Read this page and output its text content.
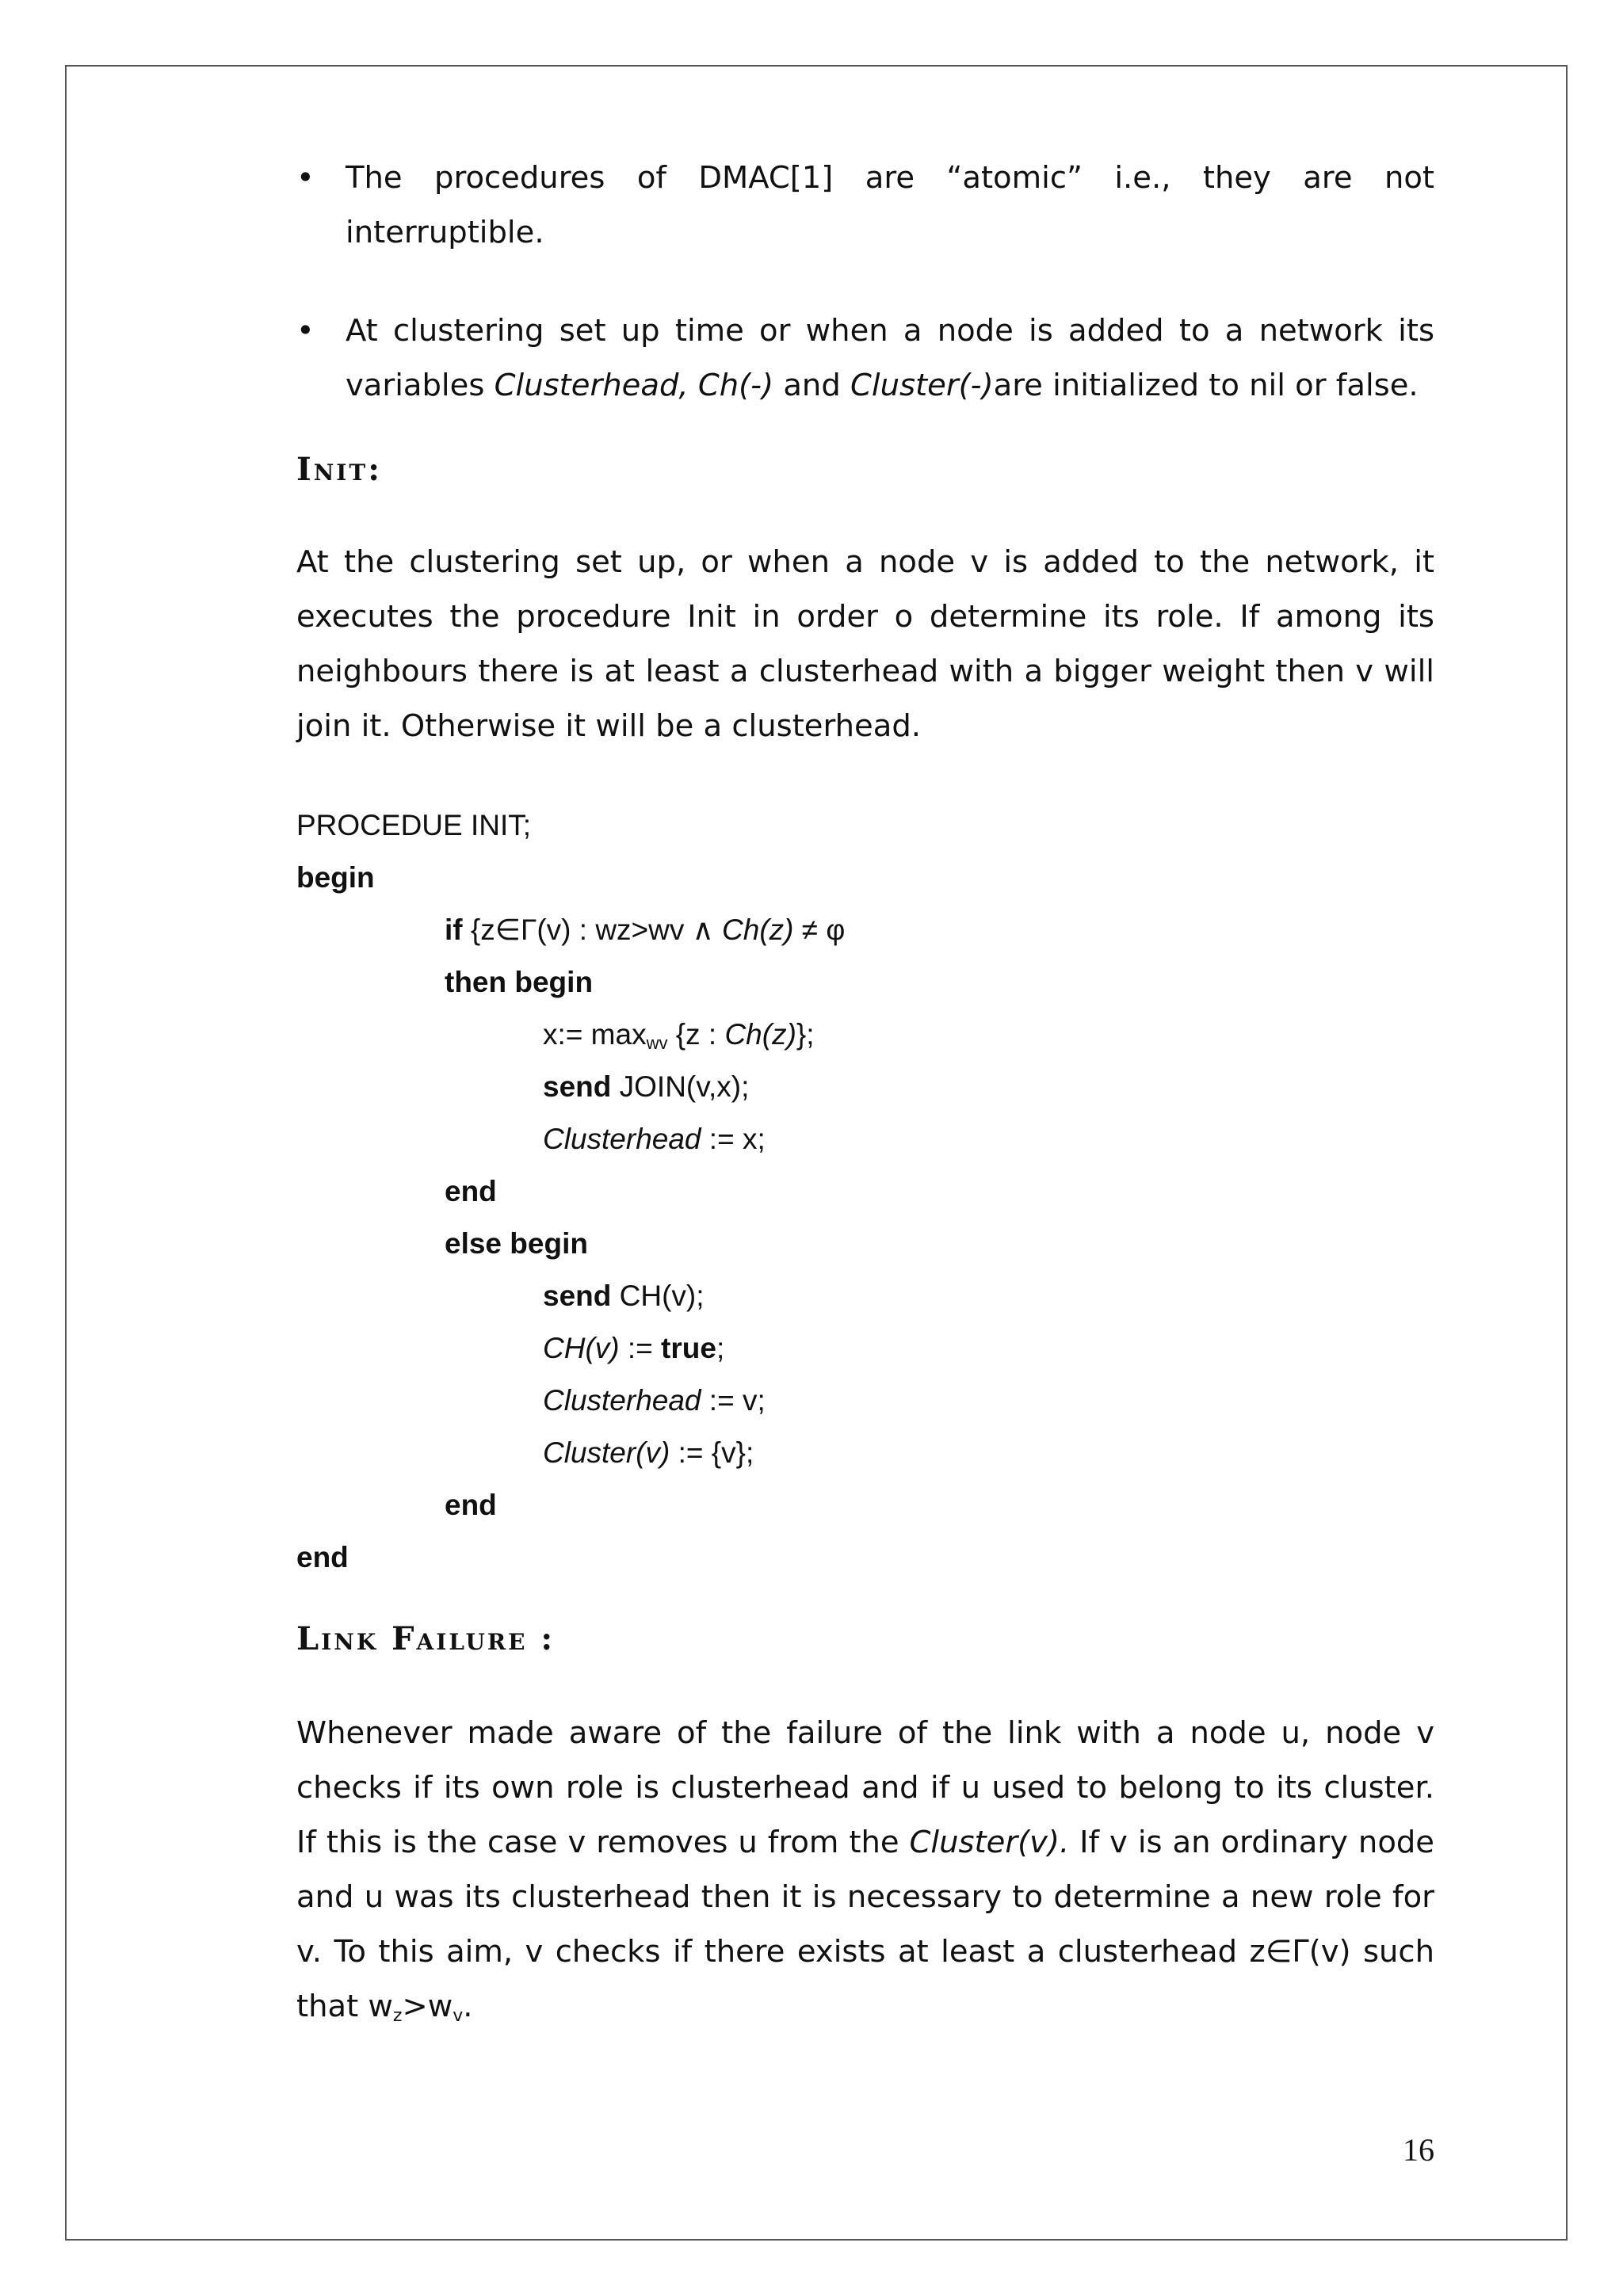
• The procedures of DMAC[1] are “atomic” i.e., they are not interruptible.

• At clustering set up time or when a node is added to a network its variables Clusterhead, Ch(-) and Cluster(-)are initialized to nil or false.

Init:

At the clustering set up, or when a node v is added to the network, it executes the procedure Init in order o determine its role. If among its neighbours there is at least a clusterhead with a bigger weight then v will join it. Otherwise it will be a clusterhead.

PROCEDUE INIT;
begin
if {z∈Γ(v) : wz>wv ∧ Ch(z) ≠ φ
then begin
x:= $\max_{wv} \{z$ : Ch(z)};
send JOIN(v,x);
Clusterhead := x;
end
else begin
send CH(v);
CH(v) := true;
Clusterhead := v;
Cluster(v) := {v};
end
end
Link Failure :

Whenever made aware of the failure of the link with a node u, node v checks if its own role is clusterhead and if u used to belong to its cluster. If this is the case v removes u from the Cluster(v). If v is an ordinary node and u was its clusterhead then it is necessary to determine a new role for v. To this aim, v checks if there exists at least a clusterhead z∈Γ(v) such that $w_z>w_v$.

16
